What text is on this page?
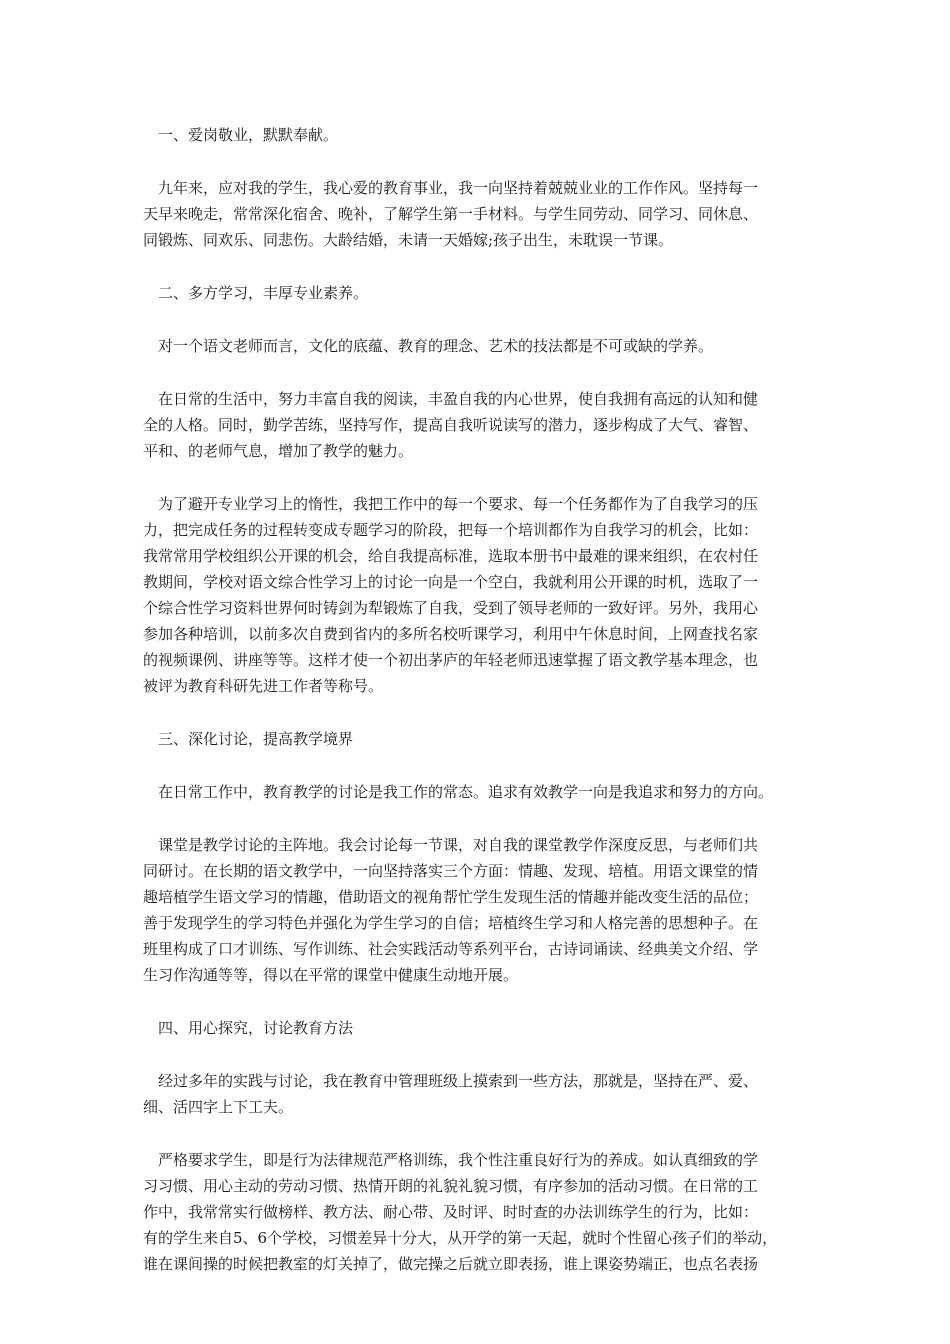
　一、爱岗敬业，默默奉献。
　九年来，应对我的学生，我心爱的教育事业，我一向坚持着兢兢业业的工作作风。坚持每一
天早来晚走，常常深化宿舍、晚补，了解学生第一手材料。与学生同劳动、同学习、同休息、
同锻炼、同欢乐、同悲伤。大龄结婚，未请一天婚嫁;孩子出生，未耽误一节课。
　二、多方学习，丰厚专业素养。
　对一个语文老师而言，文化的底蕴、教育的理念、艺术的技法都是不可或缺的学养。
　在日常的生活中，努力丰富自我的阅读，丰盈自我的内心世界，使自我拥有高远的认知和健
全的人格。同时，勤学苦练，坚持写作，提高自我听说读写的潜力，逐步构成了大气、睿智、
平和、的老师气息，增加了教学的魅力。
　为了避开专业学习上的惰性，我把工作中的每一个要求、每一个任务都作为了自我学习的压
力，把完成任务的过程转变成专题学习的阶段，把每一个培训都作为自我学习的机会，比如：
我常常用学校组织公开课的机会，给自我提高标准，选取本册书中最难的课来组织，在农村任
教期间，学校对语文综合性学习上的讨论一向是一个空白，我就利用公开课的时机，选取了一
个综合性学习资料世界何时铸剑为犁锻炼了自我，受到了领导老师的一致好评。另外，我用心
参加各种培训，以前多次自费到省内的多所名校听课学习，利用中午休息时间，上网查找名家
的视频课例、讲座等等。这样才使一个初出茅庐的年轻老师迅速掌握了语文教学基本理念，也
被评为教育科研先进工作者等称号。
　三、深化讨论，提高教学境界
　在日常工作中，教育教学的讨论是我工作的常态。追求有效教学一向是我追求和努力的方向。
　课堂是教学讨论的主阵地。我会讨论每一节课，对自我的课堂教学作深度反思，与老师们共
同研讨。在长期的语文教学中，一向坚持落实三个方面：情趣、发现、培植。用语文课堂的情
趣培植学生语文学习的情趣，借助语文的视角帮忙学生发现生活的情趣并能改变生活的品位；
善于发现学生的学习特色并强化为学生学习的自信；培植终生学习和人格完善的思想种子。在
班里构成了口才训练、写作训练、社会实践活动等系列平台，古诗词诵读、经典美文介绍、学
生习作沟通等等，得以在平常的课堂中健康生动地开展。
　四、用心探究，讨论教育方法
　经过多年的实践与讨论，我在教育中管理班级上摸索到一些方法，那就是，坚持在严、爱、
细、活四字上下工夫。
　严格要求学生，即是行为法律规范严格训练，我个性注重良好行为的养成。如认真细致的学
习习惯、用心主动的劳动习惯、热情开朗的礼貌礼貌习惯，有序参加的活动习惯。在日常的工
作中，我常常实行做榜样、教方法、耐心带、及时评、时时查的办法训练学生的行为，比如：
有的学生来自5、6个学校，习惯差异十分大，从开学的第一天起，就时个性留心孩子们的举动，
谁在课间操的时候把教室的灯关掉了，做完操之后就立即表扬，谁上课姿势端正，也点名表扬
